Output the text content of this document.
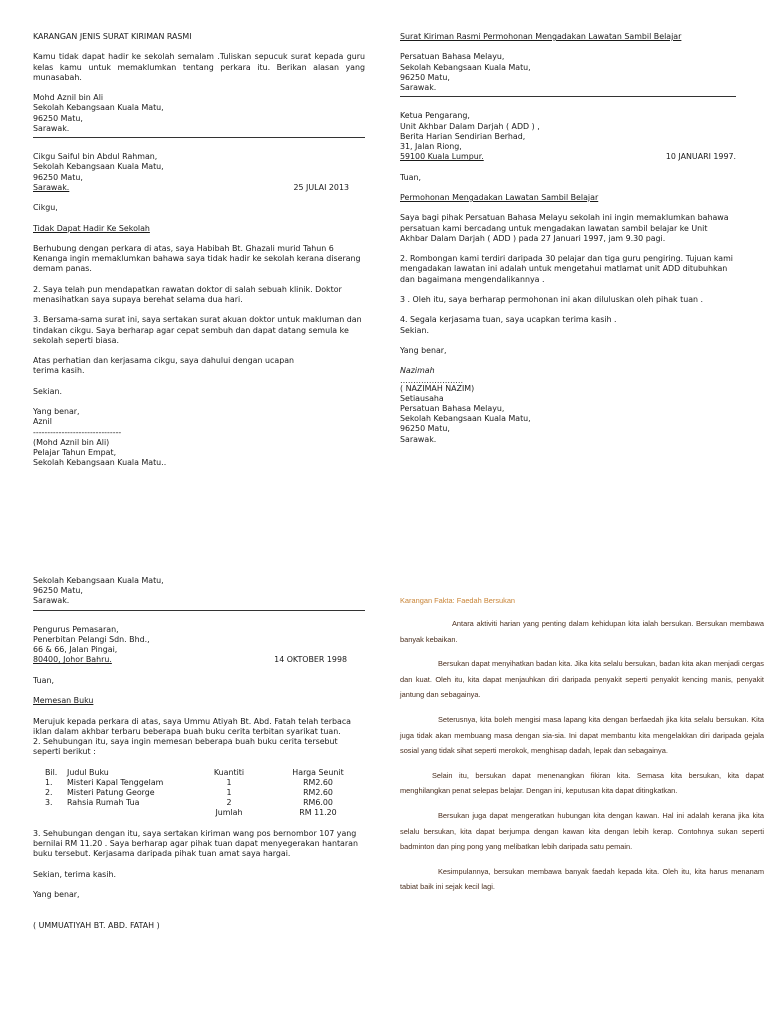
KARANGAN JENIS SURAT KIRIMAN RASMI

Kamu tidak dapat hadir ke sekolah semalam .Tuliskan sepucuk surat kepada guru kelas kamu untuk memaklumkan tentang perkara itu. Berikan alasan yang munasabah.

Mohd Aznil bin Ali

Sekolah Kebangsaan Kuala Matu,

96250 Matu,

Sarawak.

Cikgu Saiful bin Abdul Rahman,

Sekolah Kebangsaan Kuala Matu,

96250 Matu,

Sarawak.	25 JULAI 2013

Cikgu,

Tidak Dapat Hadir Ke Sekolah

Berhubung dengan perkara di atas, saya Habibah Bt. Ghazali murid Tahun 6 Kenanga ingin memaklumkan bahawa saya tidak hadir ke sekolah kerana diserang demam panas.

2. Saya telah pun mendapatkan rawatan doktor di salah sebuah klinik. Doktor menasihatkan saya supaya berehat selama dua hari.

3. Bersama-sama surat ini, saya sertakan surat akuan doktor untuk makluman dan tindakan cikgu. Saya berharap agar cepat sembuh dan dapat datang semula ke sekolah seperti biasa.

Atas perhatian dan kerjasama cikgu, saya dahului dengan ucapan terima kasih.

Sekian.

Yang benar,

Aznil

-------------------------------

(Mohd Aznil bin Ali)

Pelajar Tahun Empat,

Sekolah Kebangsaan Kuala Matu..

Surat Kiriman Rasmi Permohonan Mengadakan Lawatan Sambil Belajar

Persatuan Bahasa Melayu,

Sekolah Kebangsaan Kuala Matu,

96250 Matu,

Sarawak.

Ketua Pengarang,

Unit Akhbar Dalam Darjah ( ADD ) ,

Berita Harian Sendirian Berhad,

31, Jalan Riong,

59100 Kuala Lumpur.	10 JANUARI 1997.

Tuan,

Permohonan Mengadakan Lawatan Sambil Belajar

Saya bagi pihak Persatuan Bahasa Melayu sekolah ini ingin memaklumkan bahawa persatuan kami bercadang untuk mengadakan lawatan sambil belajar ke Unit Akhbar Dalam Darjah ( ADD ) pada 27 Januari 1997, jam 9.30 pagi.

2. Rombongan kami terdiri daripada 30 pelajar dan tiga guru pengiring. Tujuan kami mengadakan lawatan ini adalah untuk mengetahui matlamat unit ADD ditubuhkan dan bagaimana mengendalikannya .

3 . Oleh itu, saya berharap permohonan ini akan diluluskan oleh pihak tuan .

4. Segala kerjasama tuan, saya ucapkan terima kasih .

Sekian.

Yang benar,

Nazimah

……………………

( NAZIMAH NAZIM)

Setiausaha

Persatuan Bahasa Melayu,

Sekolah Kebangsaan Kuala Matu,

96250 Matu,

Sarawak.

Sekolah Kebangsaan Kuala Matu,

96250 Matu,

Sarawak.

Pengurus Pemasaran,

Penerbitan Pelangi Sdn. Bhd.,

66 & 66, Jalan Pingai,

80400, Johor Bahru.	14 OKTOBER 1998

Tuan,

Memesan Buku

Merujuk kepada perkara di atas, saya Ummu Atiyah Bt. Abd. Fatah telah terbaca iklan dalam akhbar terbaru beberapa buah buku cerita terbitan syarikat tuan.

2. Sehubungan itu, saya ingin memesan beberapa buah buku cerita tersebut seperti berikut :

Bil.	Judul Buku	Kuantiti	Harga Seunit
1.	Misteri Kapal Tenggelam	1	RM2.60
2.	Misteri Patung George	1	RM2.60
3.	Rahsia Rumah Tua	2	RM6.00
Jumlah	RM 11.20

3. Sehubungan dengan itu, saya sertakan kiriman wang pos bernombor 107 yang bernilai RM 11.20 . Saya berharap agar pihak tuan dapat menyegerakan hantaran buku tersebut. Kerjasama daripada pihak tuan amat saya hargai.

Sekian, terima kasih.

Yang benar,

( UMMUATIYAH BT. ABD. FATAH )

Karangan Fakta: Faedah Bersukan

Antara aktiviti harian yang penting dalam kehidupan kita ialah bersukan. Bersukan membawa banyak kebaikan.

Bersukan dapat menyihatkan badan kita. Jika kita selalu bersukan, badan kita akan menjadi cergas dan kuat. Oleh itu, kita dapat menjauhkan diri daripada penyakit seperti penyakit kencing manis, penyakit jantung dan sebagainya.

Seterusnya, kita boleh mengisi masa lapang kita dengan berfaedah jika kita selalu bersukan. Kita juga tidak akan membuang masa dengan sia-sia. Ini dapat membantu kita mengelakkan diri daripada gejala sosial yang tidak sihat seperti merokok, menghisap dadah, lepak dan sebagainya.

Selain itu, bersukan dapat menenangkan fikiran kita. Semasa kita bersukan, kita dapat menghilangkan penat selepas belajar. Dengan ini, keputusan kita dapat ditingkatkan.

Bersukan juga dapat mengeratkan hubungan kita dengan kawan. Hal ini adalah kerana jika kita selalu bersukan, kita dapat berjumpa dengan kawan kita dengan lebih kerap. Contohnya sukan seperti badminton dan ping pong yang melibatkan lebih daripada satu pemain.

Kesimpulannya, bersukan membawa banyak faedah kepada kita. Oleh itu, kita harus menanam tabiat baik ini sejak kecil lagi.
